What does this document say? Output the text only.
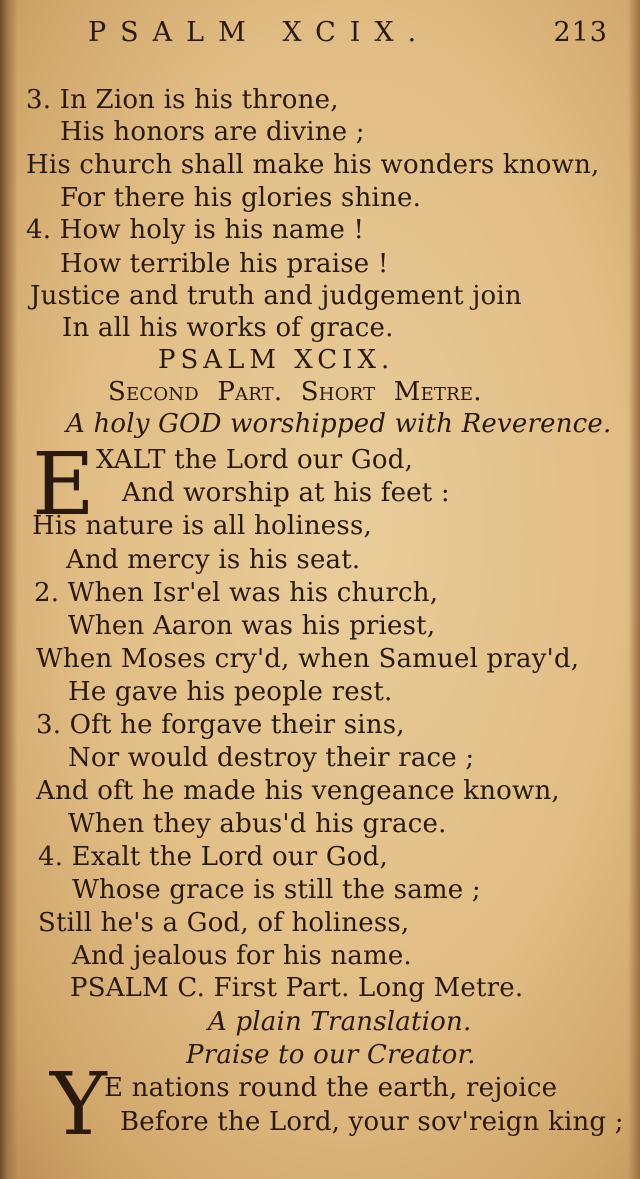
PSALM XCIX.	213
3. In Zion is his throne,
His honors are divine ;
His church shall make his wonders known,
For there his glories shine.
4. How holy is his name !
How terrible his praise !
Justice and truth and judgement join
In all his works of grace.
PSALM XCIX.
Second Part. Short Metre.
A holy GOD worshipped with Reverence.
E XALT the Lord our God,
And worship at his feet :
His nature is all holiness,
And mercy is his seat.
2. When Isr'el was his church,
When Aaron was his priest,
When Moses cry'd, when Samuel pray'd,
He gave his people rest.
3. Oft he forgave their sins,
Nor would destroy their race ;
And oft he made his vengeance known,
When they abus'd his grace.
4. Exalt the Lord our God,
Whose grace is still the same ;
Still he's a God, of holiness,
And jealous for his name.
PSALM C. First Part. Long Metre.
A plain Translation.
Praise to our Creator.
Y
E nations round the earth, rejoice
Before the Lord, your sov'reign king ;
